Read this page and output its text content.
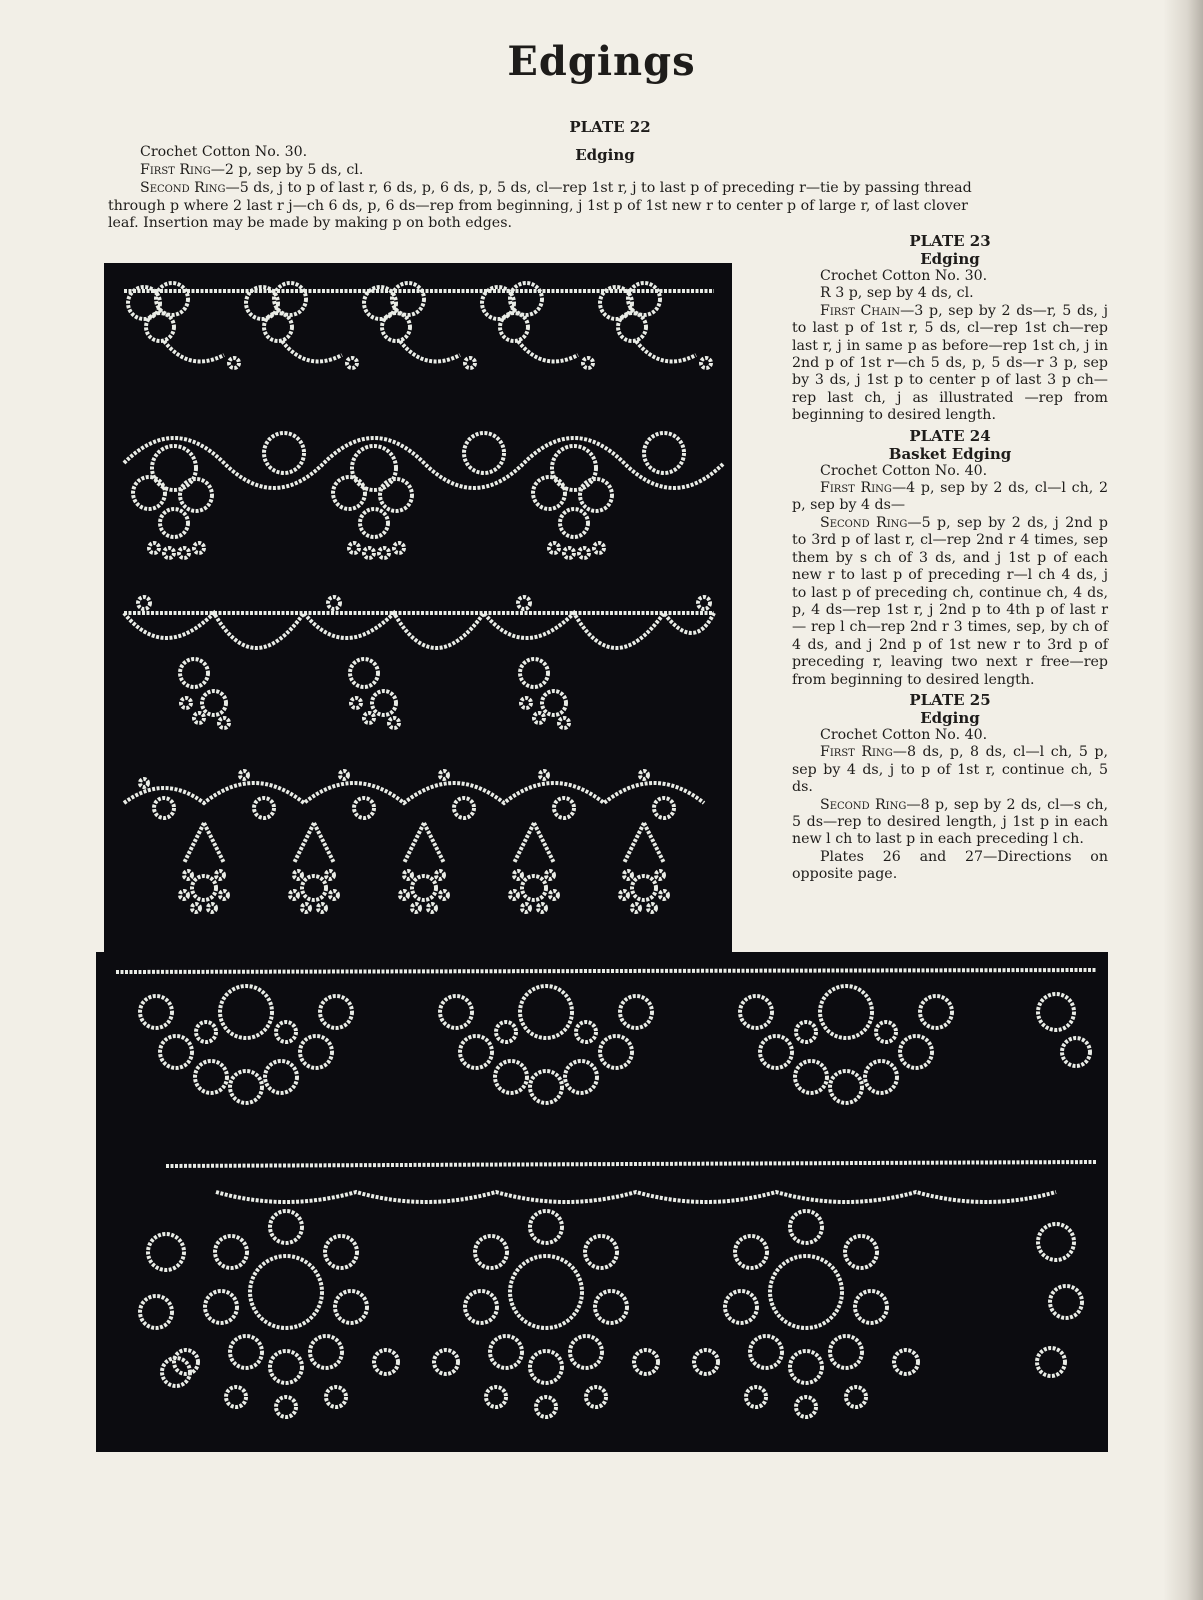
Edgings
PLATE 22
Edging
Crochet Cotton No. 30.
First Ring—2 p, sep by 5 ds, cl.
Second Ring—5 ds, j to p of last r, 6 ds, p, 6 ds, p, 5 ds, cl—rep 1st r, j to last p of preceding r—tie by passing thread
through p where 2 last r j—ch 6 ds, p, 6 ds—rep from beginning, j 1st p of 1st new r to center p of large r, of last clover
leaf. Insertion may be made by making p on both edges.
PLATE 23
Edging
Crochet Cotton No. 30.
R 3 p, sep by 4 ds, cl.
First Chain—3 p, sep by 2 ds—r, 5 ds, j to last p of 1st r, 5 ds, cl—rep 1st ch—rep last r, j in same p as before—rep 1st ch, j in 2nd p of 1st r—ch 5 ds, p, 5 ds—r 3 p, sep by 3 ds, j 1st p to center p of last 3 p ch—rep last ch, j as illustrated —rep from beginning to desired length.
PLATE 24
Basket Edging
Crochet Cotton No. 40.
First Ring—4 p, sep by 2 ds, cl—l ch, 2 p, sep by 4 ds—
Second Ring—5 p, sep by 2 ds, j 2nd p to 3rd p of last r, cl—rep 2nd r 4 times, sep them by s ch of 3 ds, and j 1st p of each new r to last p of preceding r—l ch 4 ds, j to last p of preceding ch, continue ch, 4 ds, p, 4 ds—rep 1st r, j 2nd p to 4th p of last r— rep l ch—rep 2nd r 3 times, sep, by ch of 4 ds, and j 2nd p of 1st new r to 3rd p of preceding r, leaving two next r free—rep from beginning to desired length.
PLATE 25
Edging
Crochet Cotton No. 40.
First Ring—8 ds, p, 8 ds, cl—l ch, 5 p, sep by 4 ds, j to p of 1st r, continue ch, 5 ds.
Second Ring—8 p, sep by 2 ds, cl—s ch, 5 ds—rep to desired length, j 1st p in each new l ch to last p in each preceding l ch.
Plates 26 and 27—Directions on opposite page.
